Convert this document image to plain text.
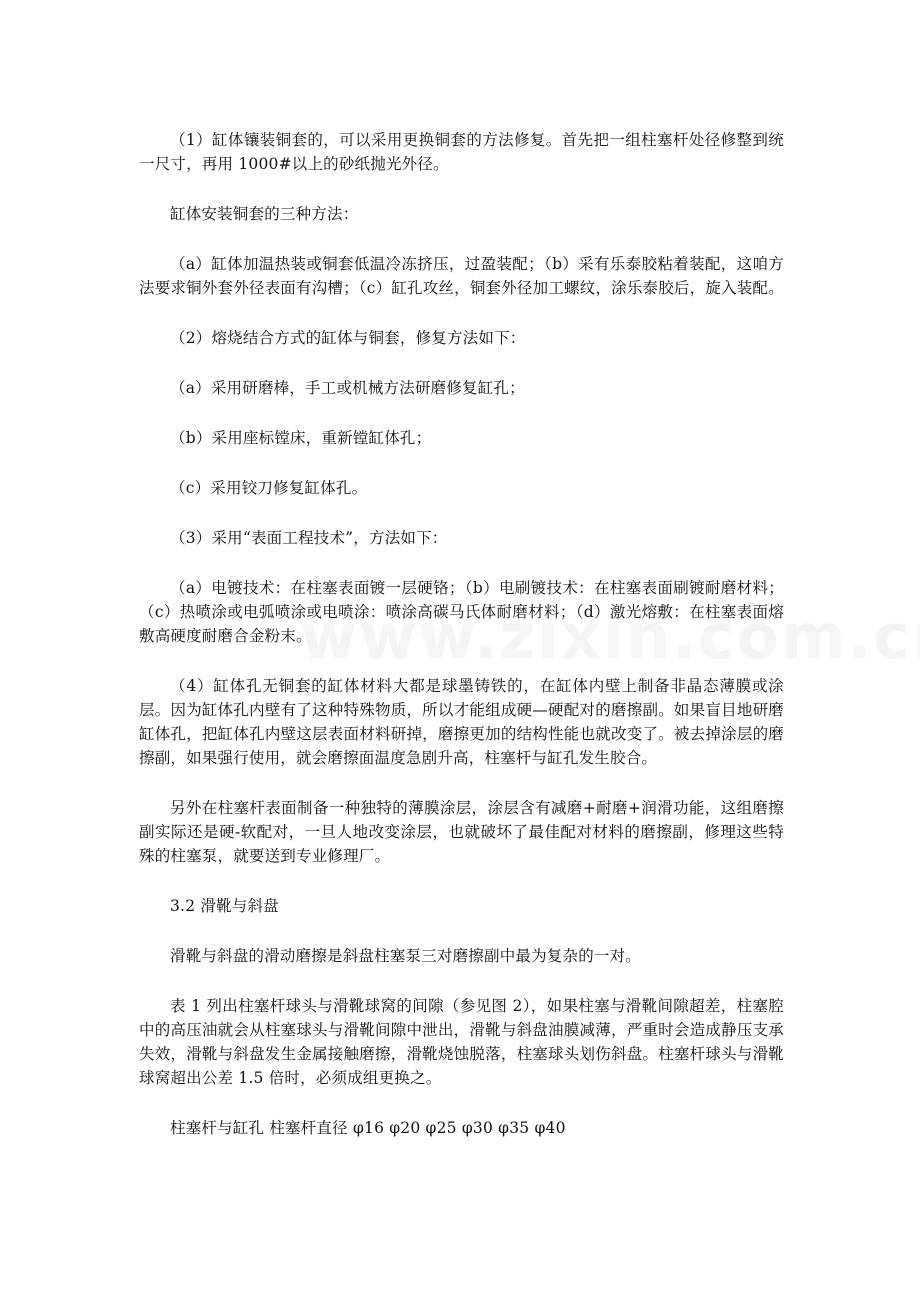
（1）缸体镶装铜套的，可以采用更换铜套的方法修复。首先把一组柱塞杆处径修整到统一尺寸，再用 1000#以上的砂纸抛光外径。

缸体安装铜套的三种方法：

（a）缸体加温热装或铜套低温冷冻挤压，过盈装配；（b）采有乐泰胶粘着装配，这咱方法要求铜外套外径表面有沟槽；（c）缸孔攻丝，铜套外径加工螺纹，涂乐泰胶后，旋入装配。

（2）熔烧结合方式的缸体与铜套，修复方法如下：

（a）采用研磨棒，手工或机械方法研磨修复缸孔；

（b）采用座标镗床，重新镗缸体孔；

（c）采用铰刀修复缸体孔。

（3）采用“表面工程技术”，方法如下：

（a）电镀技术：在柱塞表面镀一层硬铬；（b）电刷镀技术：在柱塞表面刷镀耐磨材料；（c）热喷涂或电弧喷涂或电喷涂：喷涂高碳马氏体耐磨材料；（d）激光熔敷：在柱塞表面熔敷高硬度耐磨合金粉末。

（4）缸体孔无铜套的缸体材料大都是球墨铸铁的，在缸体内壁上制备非晶态薄膜或涂层。因为缸体孔内壁有了这种特殊物质，所以才能组成硬—硬配对的磨擦副。如果盲目地研磨缸体孔，把缸体孔内壁这层表面材料研掉，磨擦更加的结构性能也就改变了。被去掉涂层的磨擦副，如果强行使用，就会磨擦面温度急剧升高，柱塞杆与缸孔发生胶合。

另外在柱塞杆表面制备一种独特的薄膜涂层，涂层含有减磨+耐磨+润滑功能，这组磨擦副实际还是硬-软配对，一旦人地改变涂层，也就破坏了最佳配对材料的磨擦副，修理这些特殊的柱塞泵，就要送到专业修理厂。

3.2 滑靴与斜盘

滑靴与斜盘的滑动磨擦是斜盘柱塞泵三对磨擦副中最为复杂的一对。

表 1 列出柱塞杆球头与滑靴球窝的间隙（参见图 2），如果柱塞与滑靴间隙超差，柱塞腔中的高压油就会从柱塞球头与滑靴间隙中泄出，滑靴与斜盘油膜减薄，严重时会造成静压支承失效，滑靴与斜盘发生金属接触磨擦，滑靴烧蚀脱落，柱塞球头划伤斜盘。柱塞杆球头与滑靴球窝超出公差 1.5 倍时，必须成组更换之。

柱塞杆与缸孔 柱塞杆直径 φ16 φ20 φ25 φ30 φ35 φ40
